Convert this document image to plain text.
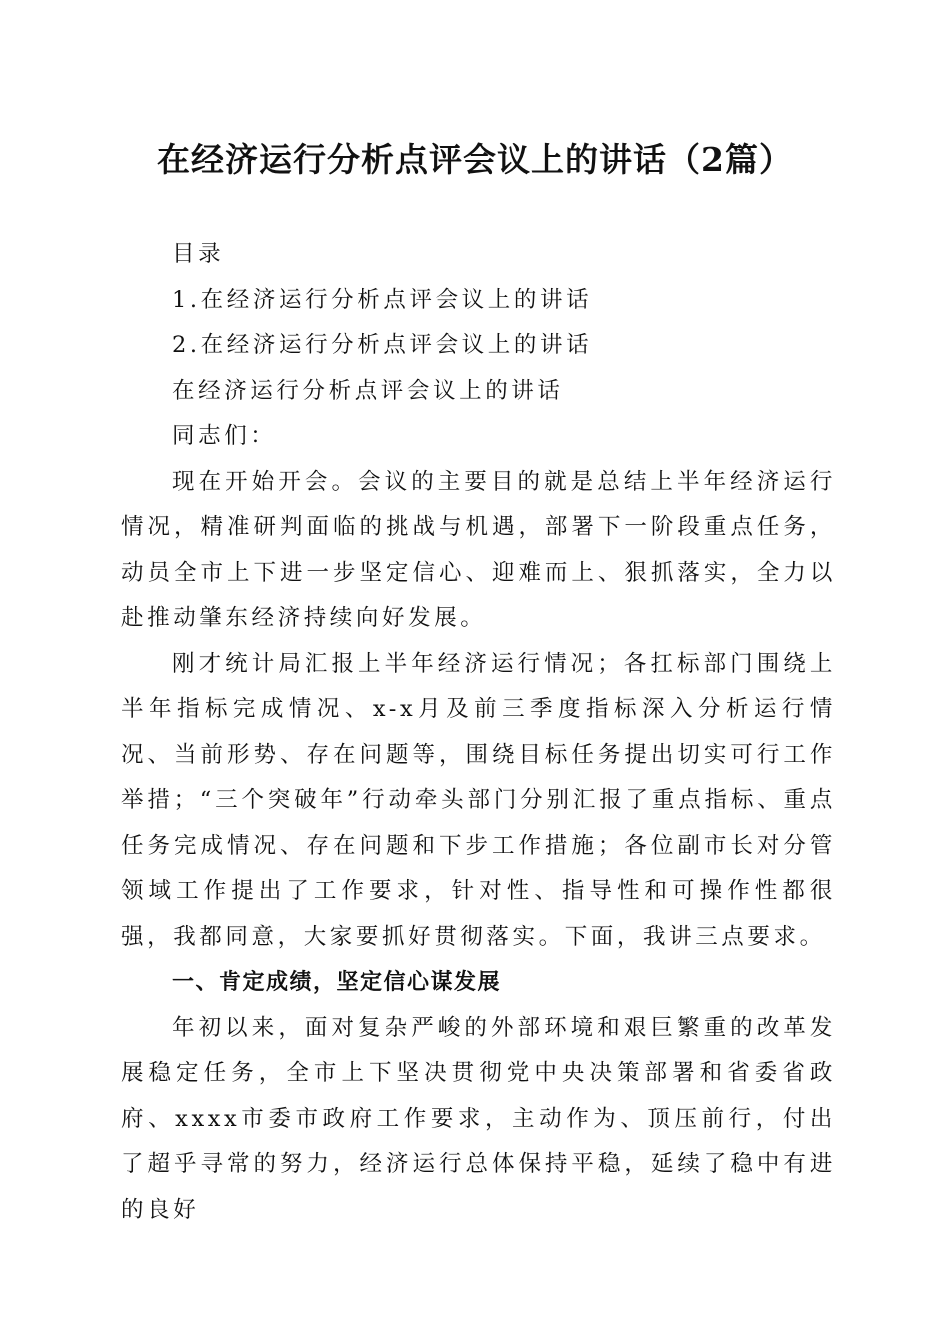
在经济运行分析点评会议上的讲话（2篇）

目录

1.在经济运行分析点评会议上的讲话

2.在经济运行分析点评会议上的讲话

在经济运行分析点评会议上的讲话

同志们：

现在开始开会。会议的主要目的就是总结上半年经济运行情况，精准研判面临的挑战与机遇，部署下一阶段重点任务，动员全市上下进一步坚定信心、迎难而上、狠抓落实，全力以赴推动肇东经济持续向好发展。

刚才统计局汇报上半年经济运行情况；各扛标部门围绕上半年指标完成情况、x-x月及前三季度指标深入分析运行情况、当前形势、存在问题等，围绕目标任务提出切实可行工作举措；“三个突破年”行动牵头部门分别汇报了重点指标、重点任务完成情况、存在问题和下步工作措施；各位副市长对分管领域工作提出了工作要求，针对性、指导性和可操作性都很强，我都同意，大家要抓好贯彻落实。下面，我讲三点要求。

一、肯定成绩，坚定信心谋发展

年初以来，面对复杂严峻的外部环境和艰巨繁重的改革发展稳定任务，全市上下坚决贯彻党中央决策部署和省委省政府、xxxx市委市政府工作要求，主动作为、顶压前行，付出了超乎寻常的努力，经济运行总体保持平稳，延续了稳中有进的良好
